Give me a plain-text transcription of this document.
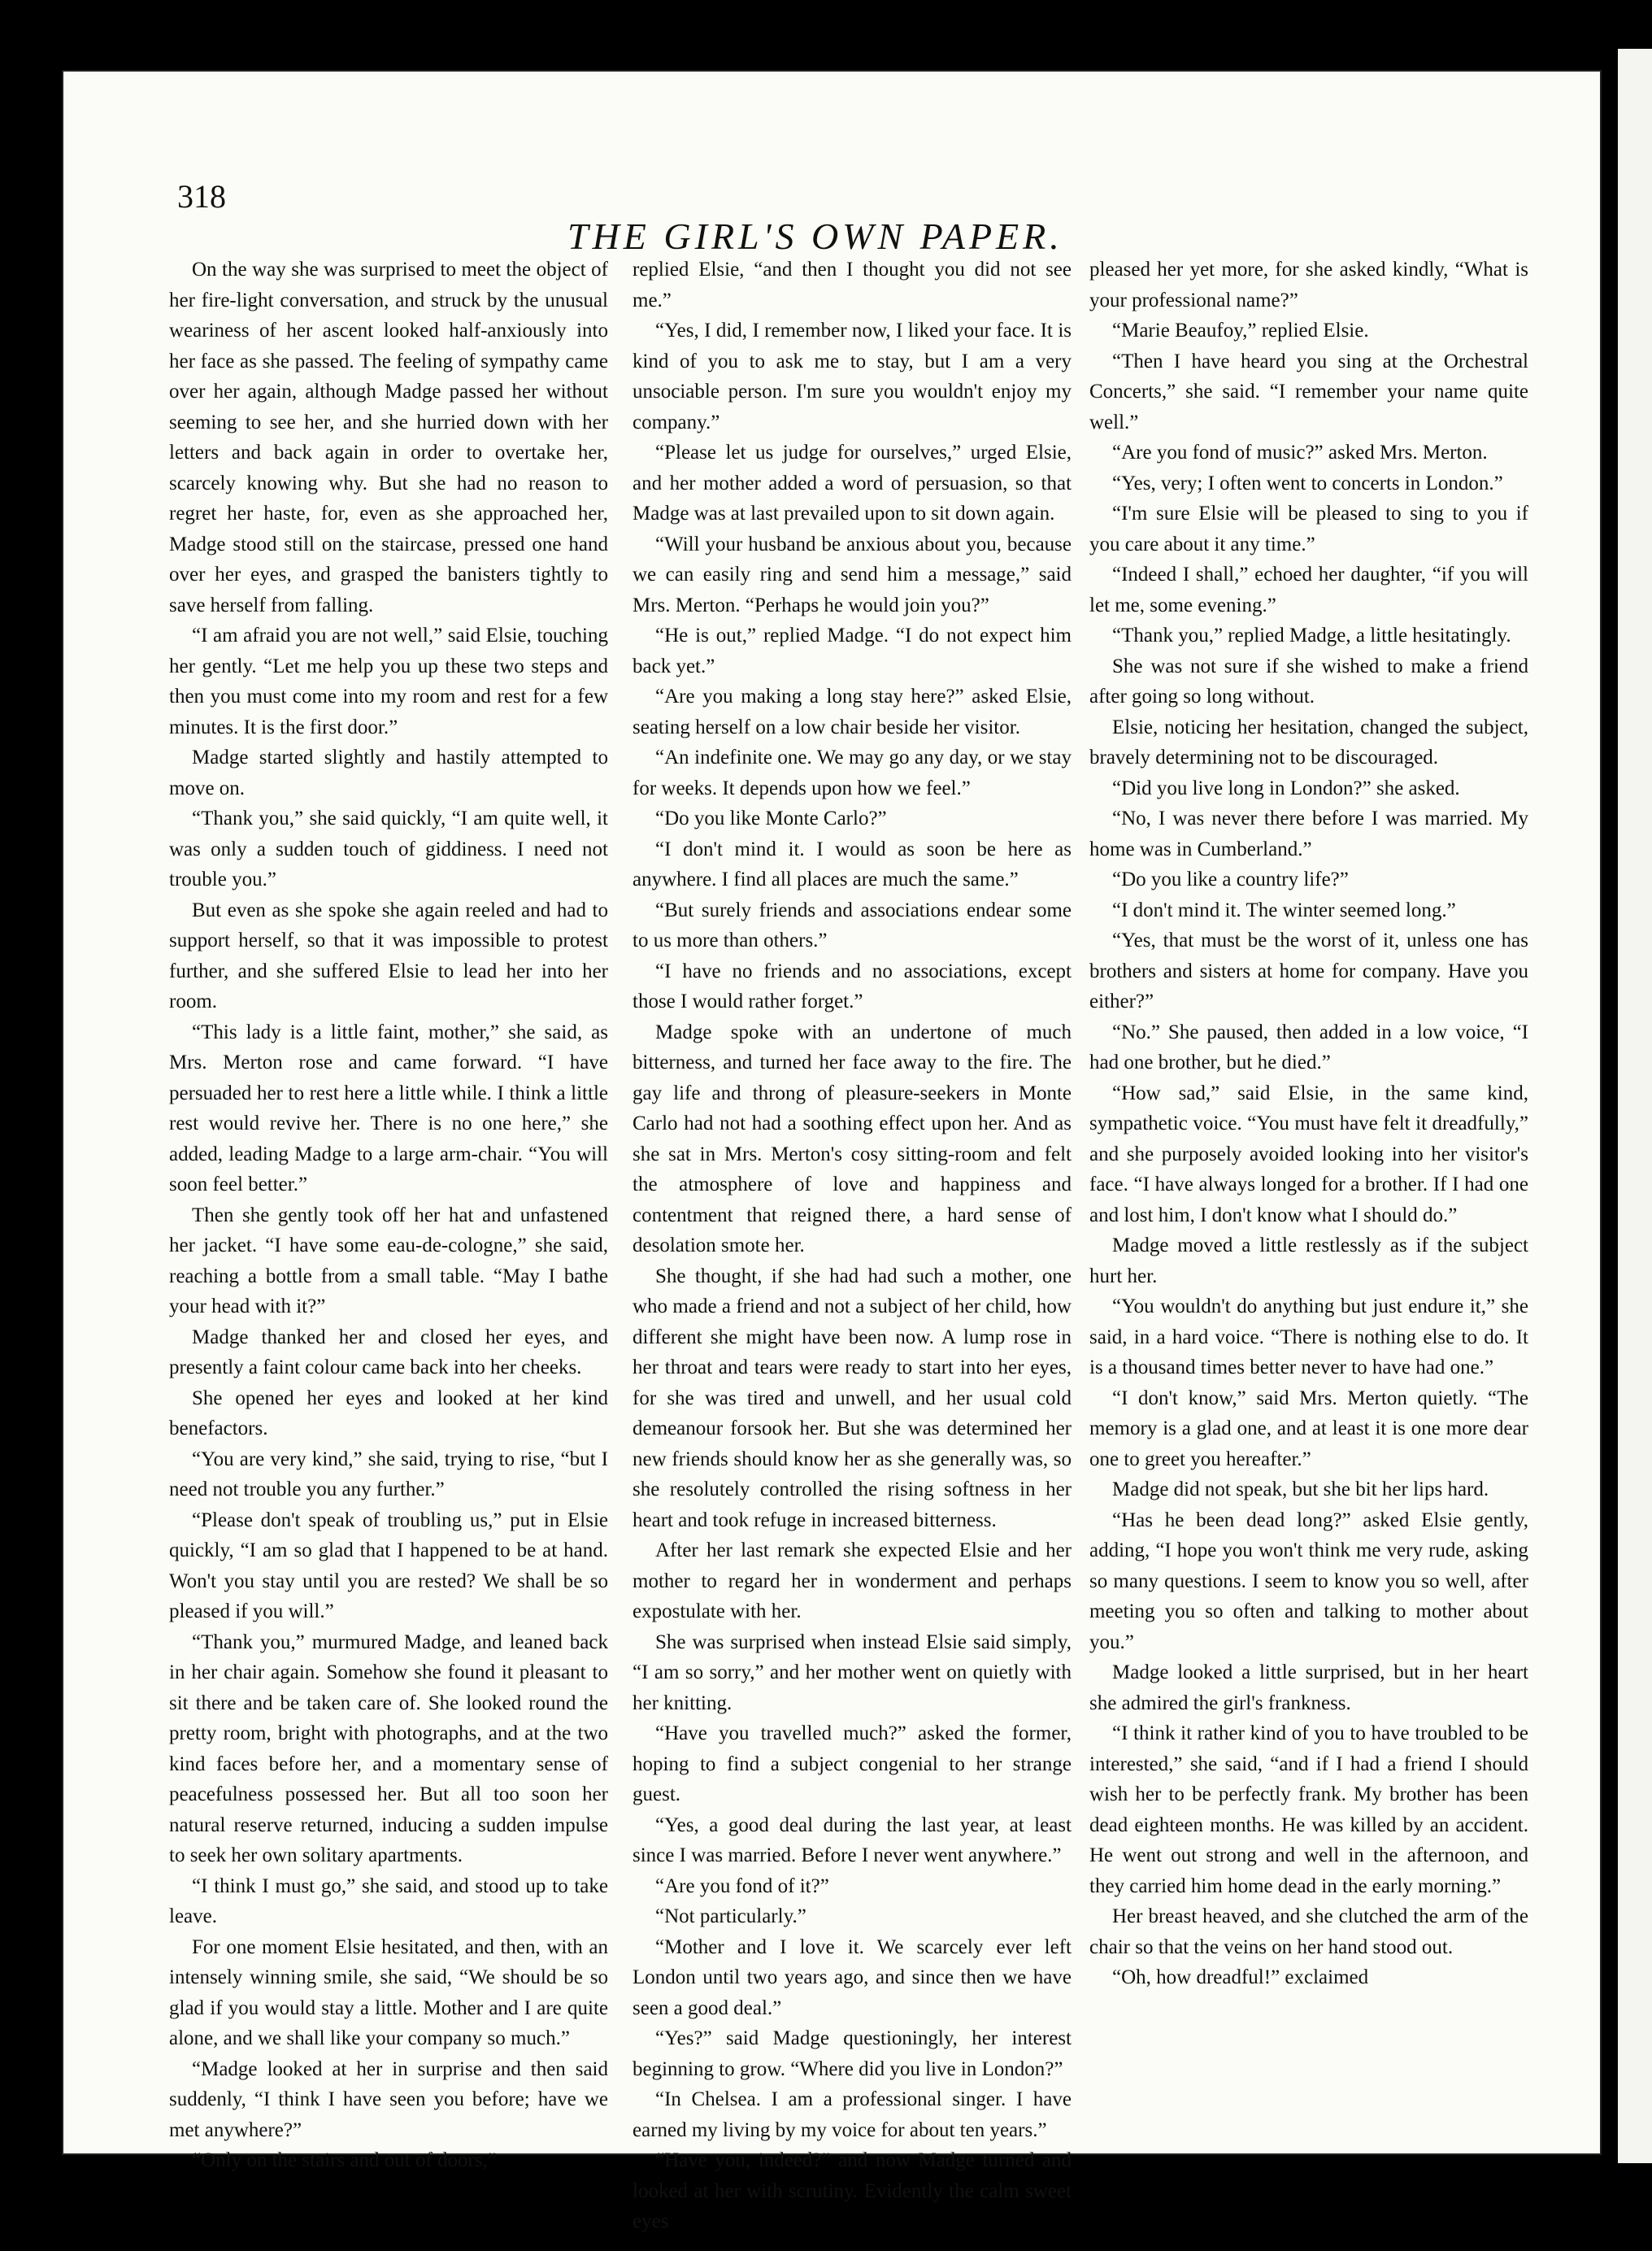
318
THE GIRL'S OWN PAPER.

On the way she was surprised to meet the object of her fire-light conversation, and struck by the unusual weariness of her ascent looked half-anxiously into her face as she passed. The feeling of sympathy came over her again, although Madge passed her without seeming to see her, and she hurried down with her letters and back again in order to overtake her, scarcely knowing why. But she had no reason to regret her haste, for, even as she approached her, Madge stood still on the staircase, pressed one hand over her eyes, and grasped the banisters tightly to save herself from falling.

“I am afraid you are not well,” said Elsie, touching her gently. “Let me help you up these two steps and then you must come into my room and rest for a few minutes. It is the first door.”

Madge started slightly and hastily attempted to move on.

“Thank you,” she said quickly, “I am quite well, it was only a sudden touch of giddiness. I need not trouble you.”

But even as she spoke she again reeled and had to support herself, so that it was impossible to protest further, and she suffered Elsie to lead her into her room.

“This lady is a little faint, mother,” she said, as Mrs. Merton rose and came forward. “I have persuaded her to rest here a little while. I think a little rest would revive her. There is no one here,” she added, leading Madge to a large arm-chair. “You will soon feel better.”

Then she gently took off her hat and unfastened her jacket. “I have some eau-de-cologne,” she said, reaching a bottle from a small table. “May I bathe your head with it?”

Madge thanked her and closed her eyes, and presently a faint colour came back into her cheeks.

She opened her eyes and looked at her kind benefactors.

“You are very kind,” she said, trying to rise, “but I need not trouble you any further.”

“Please don't speak of troubling us,” put in Elsie quickly, “I am so glad that I happened to be at hand. Won't you stay until you are rested? We shall be so pleased if you will.”

“Thank you,” murmured Madge, and leaned back in her chair again. Somehow she found it pleasant to sit there and be taken care of. She looked round the pretty room, bright with photographs, and at the two kind faces before her, and a momentary sense of peacefulness possessed her. But all too soon her natural reserve returned, inducing a sudden impulse to seek her own solitary apartments.

“I think I must go,” she said, and stood up to take leave.

For one moment Elsie hesitated, and then, with an intensely winning smile, she said, “We should be so glad if you would stay a little. Mother and I are quite alone, and we shall like your company so much.”

“Madge looked at her in surprise and then said suddenly, “I think I have seen you before; have we met anywhere?”

“Only on the stairs and out of doors,”

replied Elsie, “and then I thought you did not see me.”

“Yes, I did, I remember now, I liked your face. It is kind of you to ask me to stay, but I am a very unsociable person. I'm sure you wouldn't enjoy my company.”

“Please let us judge for ourselves,” urged Elsie, and her mother added a word of persuasion, so that Madge was at last prevailed upon to sit down again.

“Will your husband be anxious about you, because we can easily ring and send him a message,” said Mrs. Merton. “Perhaps he would join you?”

“He is out,” replied Madge. “I do not expect him back yet.”

“Are you making a long stay here?” asked Elsie, seating herself on a low chair beside her visitor.

“An indefinite one. We may go any day, or we stay for weeks. It depends upon how we feel.”

“Do you like Monte Carlo?”

“I don't mind it. I would as soon be here as anywhere. I find all places are much the same.”

“But surely friends and associations endear some to us more than others.”

“I have no friends and no associations, except those I would rather forget.”

Madge spoke with an undertone of much bitterness, and turned her face away to the fire. The gay life and throng of pleasure-seekers in Monte Carlo had not had a soothing effect upon her. And as she sat in Mrs. Merton's cosy sitting-room and felt the atmosphere of love and happiness and contentment that reigned there, a hard sense of desolation smote her.

She thought, if she had had such a mother, one who made a friend and not a subject of her child, how different she might have been now. A lump rose in her throat and tears were ready to start into her eyes, for she was tired and unwell, and her usual cold demeanour forsook her. But she was determined her new friends should know her as she generally was, so she resolutely controlled the rising softness in her heart and took refuge in increased bitterness.

After her last remark she expected Elsie and her mother to regard her in wonderment and perhaps expostulate with her.

She was surprised when instead Elsie said simply, “I am so sorry,” and her mother went on quietly with her knitting.

“Have you travelled much?” asked the former, hoping to find a subject congenial to her strange guest.

“Yes, a good deal during the last year, at least since I was married. Before I never went anywhere.”

“Are you fond of it?”

“Not particularly.”

“Mother and I love it. We scarcely ever left London until two years ago, and since then we have seen a good deal.”

“Yes?” said Madge questioningly, her interest beginning to grow. “Where did you live in London?”

“In Chelsea. I am a professional singer. I have earned my living by my voice for about ten years.”

“Have you, indeed?” and now Madge turned and looked at her with scrutiny. Evidently the calm sweet eyes

pleased her yet more, for she asked kindly, “What is your professional name?”

“Marie Beaufoy,” replied Elsie.

“Then I have heard you sing at the Orchestral Concerts,” she said. “I remember your name quite well.”

“Are you fond of music?” asked Mrs. Merton.

“Yes, very; I often went to concerts in London.”

“I'm sure Elsie will be pleased to sing to you if you care about it any time.”

“Indeed I shall,” echoed her daughter, “if you will let me, some evening.”

“Thank you,” replied Madge, a little hesitatingly.

She was not sure if she wished to make a friend after going so long without.

Elsie, noticing her hesitation, changed the subject, bravely determining not to be discouraged.

“Did you live long in London?” she asked.

“No, I was never there before I was married. My home was in Cumberland.”

“Do you like a country life?”

“I don't mind it. The winter seemed long.”

“Yes, that must be the worst of it, unless one has brothers and sisters at home for company. Have you either?”

“No.” She paused, then added in a low voice, “I had one brother, but he died.”

“How sad,” said Elsie, in the same kind, sympathetic voice. “You must have felt it dreadfully,” and she purposely avoided looking into her visitor's face. “I have always longed for a brother. If I had one and lost him, I don't know what I should do.”

Madge moved a little restlessly as if the subject hurt her.

“You wouldn't do anything but just endure it,” she said, in a hard voice. “There is nothing else to do. It is a thousand times better never to have had one.”

“I don't know,” said Mrs. Merton quietly. “The memory is a glad one, and at least it is one more dear one to greet you hereafter.”

Madge did not speak, but she bit her lips hard.

“Has he been dead long?” asked Elsie gently, adding, “I hope you won't think me very rude, asking so many questions. I seem to know you so well, after meeting you so often and talking to mother about you.”

Madge looked a little surprised, but in her heart she admired the girl's frankness.

“I think it rather kind of you to have troubled to be interested,” she said, “and if I had a friend I should wish her to be perfectly frank. My brother has been dead eighteen months. He was killed by an accident. He went out strong and well in the afternoon, and they carried him home dead in the early morning.”

Her breast heaved, and she clutched the arm of the chair so that the veins on her hand stood out.

“Oh, how dreadful!” exclaimed
